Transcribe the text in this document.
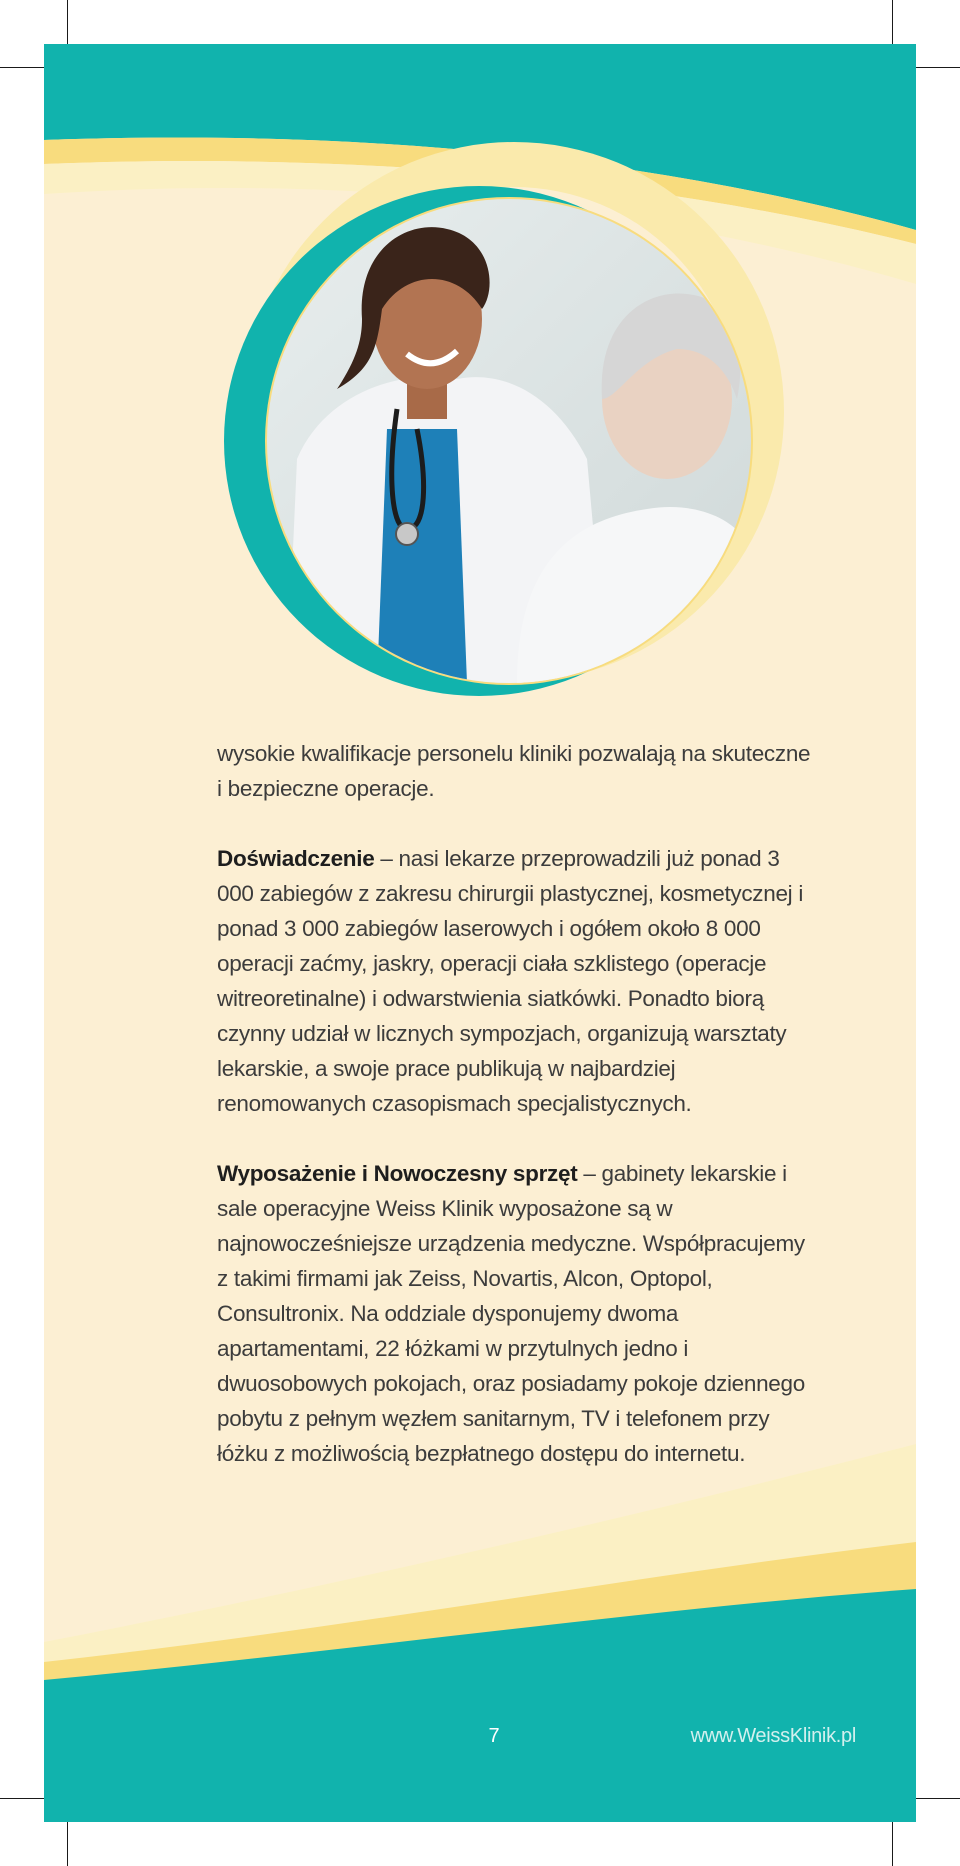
wysokie kwalifikacje personelu kliniki pozwalają na skuteczne i bezpieczne operacje.

Doświadczenie – nasi lekarze przeprowadzili już ponad 3 000 zabiegów z zakresu chirurgii plastycznej, kosmetycznej i ponad 3 000 zabiegów laserowych i ogółem około 8 000 operacji zaćmy, jaskry, operacji ciała szklistego (operacje witreoretinalne) i odwarstwienia siatkówki. Ponadto biorą czynny udział w licznych sympozjach, organizują warsztaty lekarskie, a swoje prace publikują w najbardziej renomowanych czasopismach specjalistycznych.

Wyposażenie i Nowoczesny sprzęt – gabinety lekarskie i sale operacyjne Weiss Klinik wyposażone są w najnowocześniejsze urządzenia medyczne. Współpracujemy z takimi firmami jak Zeiss, Novartis, Alcon, Optopol, Consultronix. Na oddziale dysponujemy dwoma apartamentami, 22 łóżkami w przytulnych jedno i dwuosobowych pokojach, oraz posiadamy pokoje dziennego pobytu z pełnym węzłem sanitarnym, TV i telefonem przy łóżku z możliwością bezpłatnego dostępu do internetu.

7	www.WeissKlinik.pl
